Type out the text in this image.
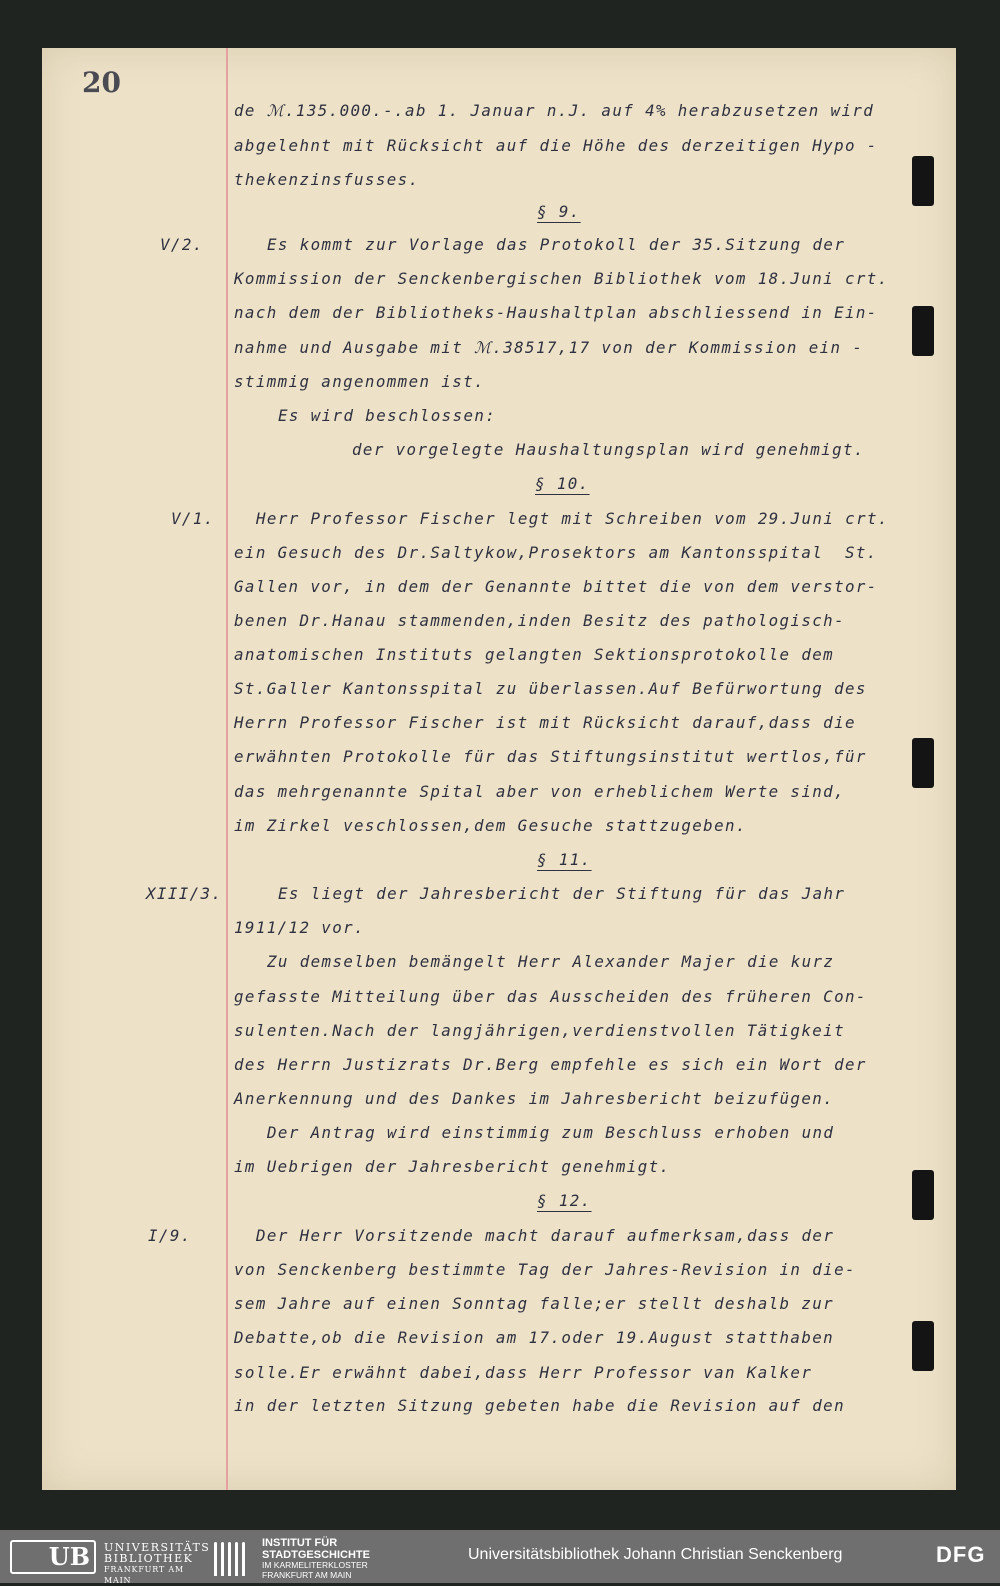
20
de ℳ.135.000.-.ab 1. Januar n.J. auf 4% herabzusetzen wird
abgelehnt mit Rücksicht auf die Höhe des derzeitigen Hypo -
thekenzinsfusses.
Es kommt zur Vorlage das Protokoll der 35.Sitzung der
Kommission der Senckenbergischen Bibliothek vom 18.Juni crt.
nach dem der Bibliotheks-Haushaltplan abschliessend in Ein-
nahme und Ausgabe mit ℳ.38517,17 von der Kommission ein -
stimmig angenommen ist.
Es wird beschlossen:
der vorgelegte Haushaltungsplan wird genehmigt.
Herr Professor Fischer legt mit Schreiben vom 29.Juni crt.
ein Gesuch des Dr.Saltykow,Prosektors am Kantonsspital  St.
Gallen vor, in dem der Genannte bittet die von dem verstor-
benen Dr.Hanau stammenden,inden Besitz des pathologisch-
anatomischen Instituts gelangten Sektionsprotokolle dem
St.Galler Kantonsspital zu überlassen.Auf Befürwortung des
Herrn Professor Fischer ist mit Rücksicht darauf,dass die
erwähnten Protokolle für das Stiftungsinstitut wertlos,für
das mehrgenannte Spital aber von erheblichem Werte sind,
im Zirkel veschlossen,dem Gesuche stattzugeben.
Es liegt der Jahresbericht der Stiftung für das Jahr
1911/12 vor.
Zu demselben bemängelt Herr Alexander Majer die kurz
gefasste Mitteilung über das Ausscheiden des früheren Con-
sulenten.Nach der langjährigen,verdienstvollen Tätigkeit
des Herrn Justizrats Dr.Berg empfehle es sich ein Wort der
Anerkennung und des Dankes im Jahresbericht beizufügen.
Der Antrag wird einstimmig zum Beschluss erhoben und
im Uebrigen der Jahresbericht genehmigt.
Der Herr Vorsitzende macht darauf aufmerksam,dass der
von Senckenberg bestimmte Tag der Jahres-Revision in die-
sem Jahre auf einen Sonntag falle;er stellt deshalb zur
Debatte,ob die Revision am 17.oder 19.August statthaben
solle.Er erwähnt dabei,dass Herr Professor van Kalker
in der letzten Sitzung gebeten habe die Revision auf den
§ 9.
§ 10.
§ 11.
§ 12.
V/2.
V/1.
XIII/3.
I/9.
UB	UNIVERSITÄTS
BIBLIOTHEK
FRANKFURT AM MAIN
INSTITUT FÜR
STADTGESCHICHTE
IM KARMELITERKLOSTER
FRANKFURT AM MAIN
Universitätsbibliothek Johann Christian Senckenberg	DFG
